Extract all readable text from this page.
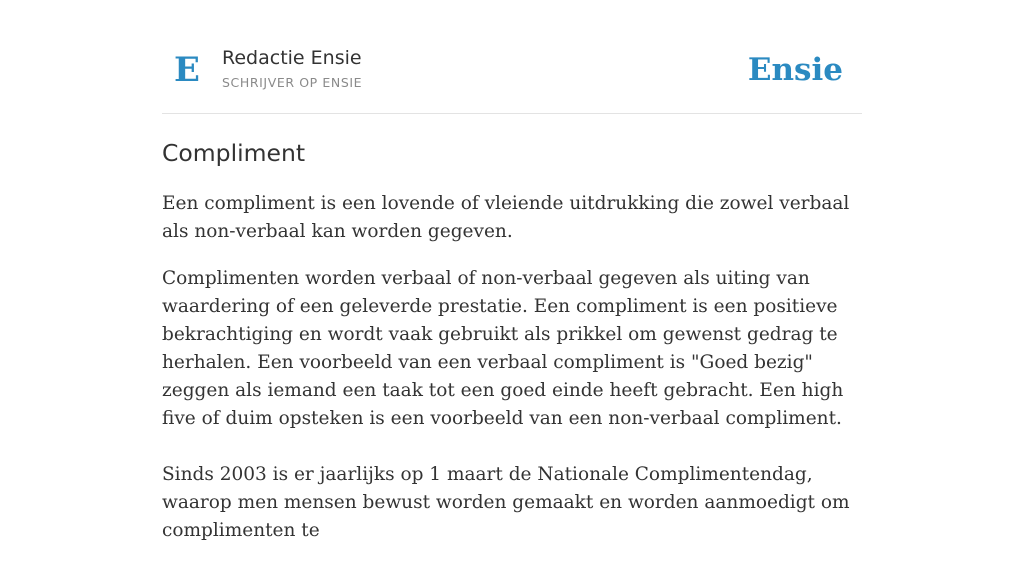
E Redactie Ensie
SCHRIJVER OP ENSIE	Ensie
Compliment

Een compliment is een lovende of vleiende uitdrukking die zowel verbaal als non-verbaal kan worden gegeven.

Complimenten worden verbaal of non-verbaal gegeven als uiting van waardering of een geleverde prestatie. Een compliment is een positieve bekrachtiging en wordt vaak gebruikt als prikkel om gewenst gedrag te herhalen. Een voorbeeld van een verbaal compliment is "Goed bezig" zeggen als iemand een taak tot een goed einde heeft gebracht. Een high five of duim opsteken is een voorbeeld van een non-verbaal compliment.

Sinds 2003 is er jaarlijks op 1 maart de Nationale Complimentendag, waarop men mensen bewust worden gemaakt en worden aanmoedigt om complimenten te
